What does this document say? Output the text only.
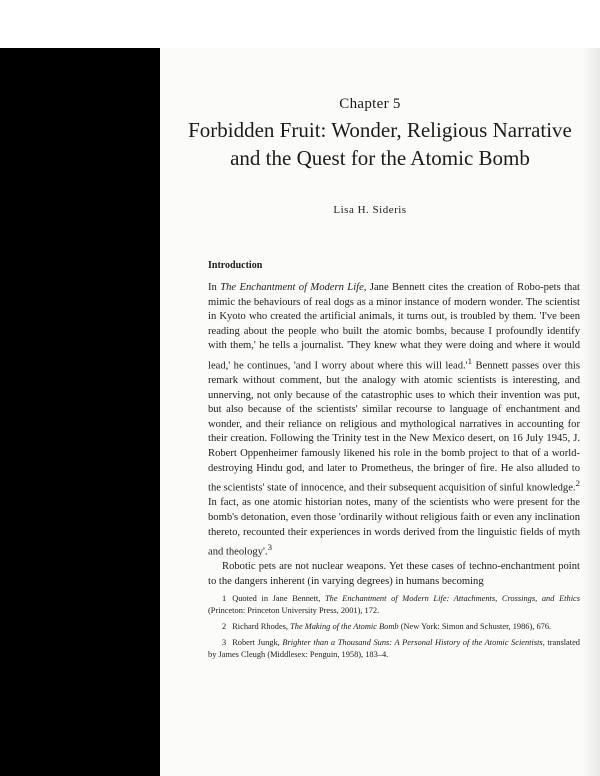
Chapter 5
Forbidden Fruit: Wonder, Religious Narrative and the Quest for the Atomic Bomb
Lisa H. Sideris
Introduction

In The Enchantment of Modern Life, Jane Bennett cites the creation of Robo-pets that mimic the behaviours of real dogs as a minor instance of modern wonder. The scientist in Kyoto who created the artificial animals, it turns out, is troubled by them. 'I've been reading about the people who built the atomic bombs, because I profoundly identify with them,' he tells a journalist. 'They knew what they were doing and where it would lead,' he continues, 'and I worry about where this will $lead.'^1$ Bennett passes over this remark without comment, but the analogy with atomic scientists is interesting, and unnerving, not only because of the catastrophic uses to which their invention was put, but also because of the scientists' similar recourse to language of enchantment and wonder, and their reliance on religious and mythological narratives in accounting for their creation. Following the Trinity test in the New Mexico desert, on 16 July 1945, J. Robert Oppenheimer famously likened his role in the bomb project to that of a world-destroying Hindu god, and later to Prometheus, the bringer of fire. He also alluded to the scientists' state of innocence, and their subsequent acquisition of sinful knowledge.$^2$ In fact, as one atomic historian notes, many of the scientists who were present for the bomb's detonation, even those 'ordinarily without religious faith or even any inclination thereto, recounted their experiences in words derived from the linguistic fields of myth and theology'.$^3$

Robotic pets are not nuclear weapons. Yet these cases of techno-enchantment point to the dangers inherent (in varying degrees) in humans becoming

1 Quoted in Jane Bennett, The Enchantment of Modern Life: Attachments, Crossings, and Ethics (Princeton: Princeton University Press, 2001), 172.

2 Richard Rhodes, The Making of the Atomic Bomb (New York: Simon and Schuster, 1986), 676.

3 Robert Jungk, Brighter than a Thousand Suns: A Personal History of the Atomic Scientists, translated by James Cleugh (Middlesex: Penguin, 1958), 183–4.
